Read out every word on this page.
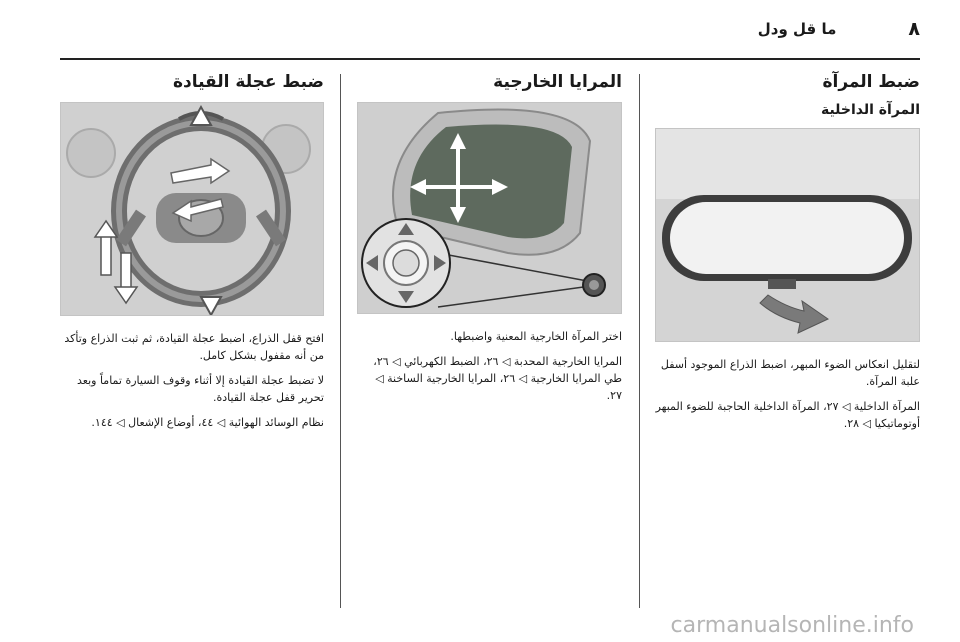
٨
ما قل ودل
ضبط المرآة
المرآة الداخلية

لتقليل انعكاس الضوء المبهر، اضبط الذراع الموجود أسفل علبة المرآة.

المرآة الداخلية ◁ ٢٧، المرآة الداخلية الحاجبة للضوء المبهر أوتوماتيكيا ◁ ٢٨.

المرايا الخارجية

اختر المرآة الخارجية المعنية واضبطها.

المرايا الخارجية المحدبة ◁ ٢٦، الضبط الكهربائي ◁ ٢٦، طي المرايا الخارجية ◁ ٢٦، المرايا الخارجية الساخنة ◁ ٢٧.

ضبط عجلة القيادة

افتح قفل الذراع، اضبط عجلة القيادة، ثم ثبت الذراع وتأكد من أنه مقفول بشكل كامل.

لا تضبط عجلة القيادة إلا أثناء وقوف السيارة تماماً وبعد تحرير قفل عجلة القيادة.

نظام الوسائد الهوائية ◁ ٤٤، أوضاع الإشعال ◁ ١٤٤.

carmanualsonline.info
